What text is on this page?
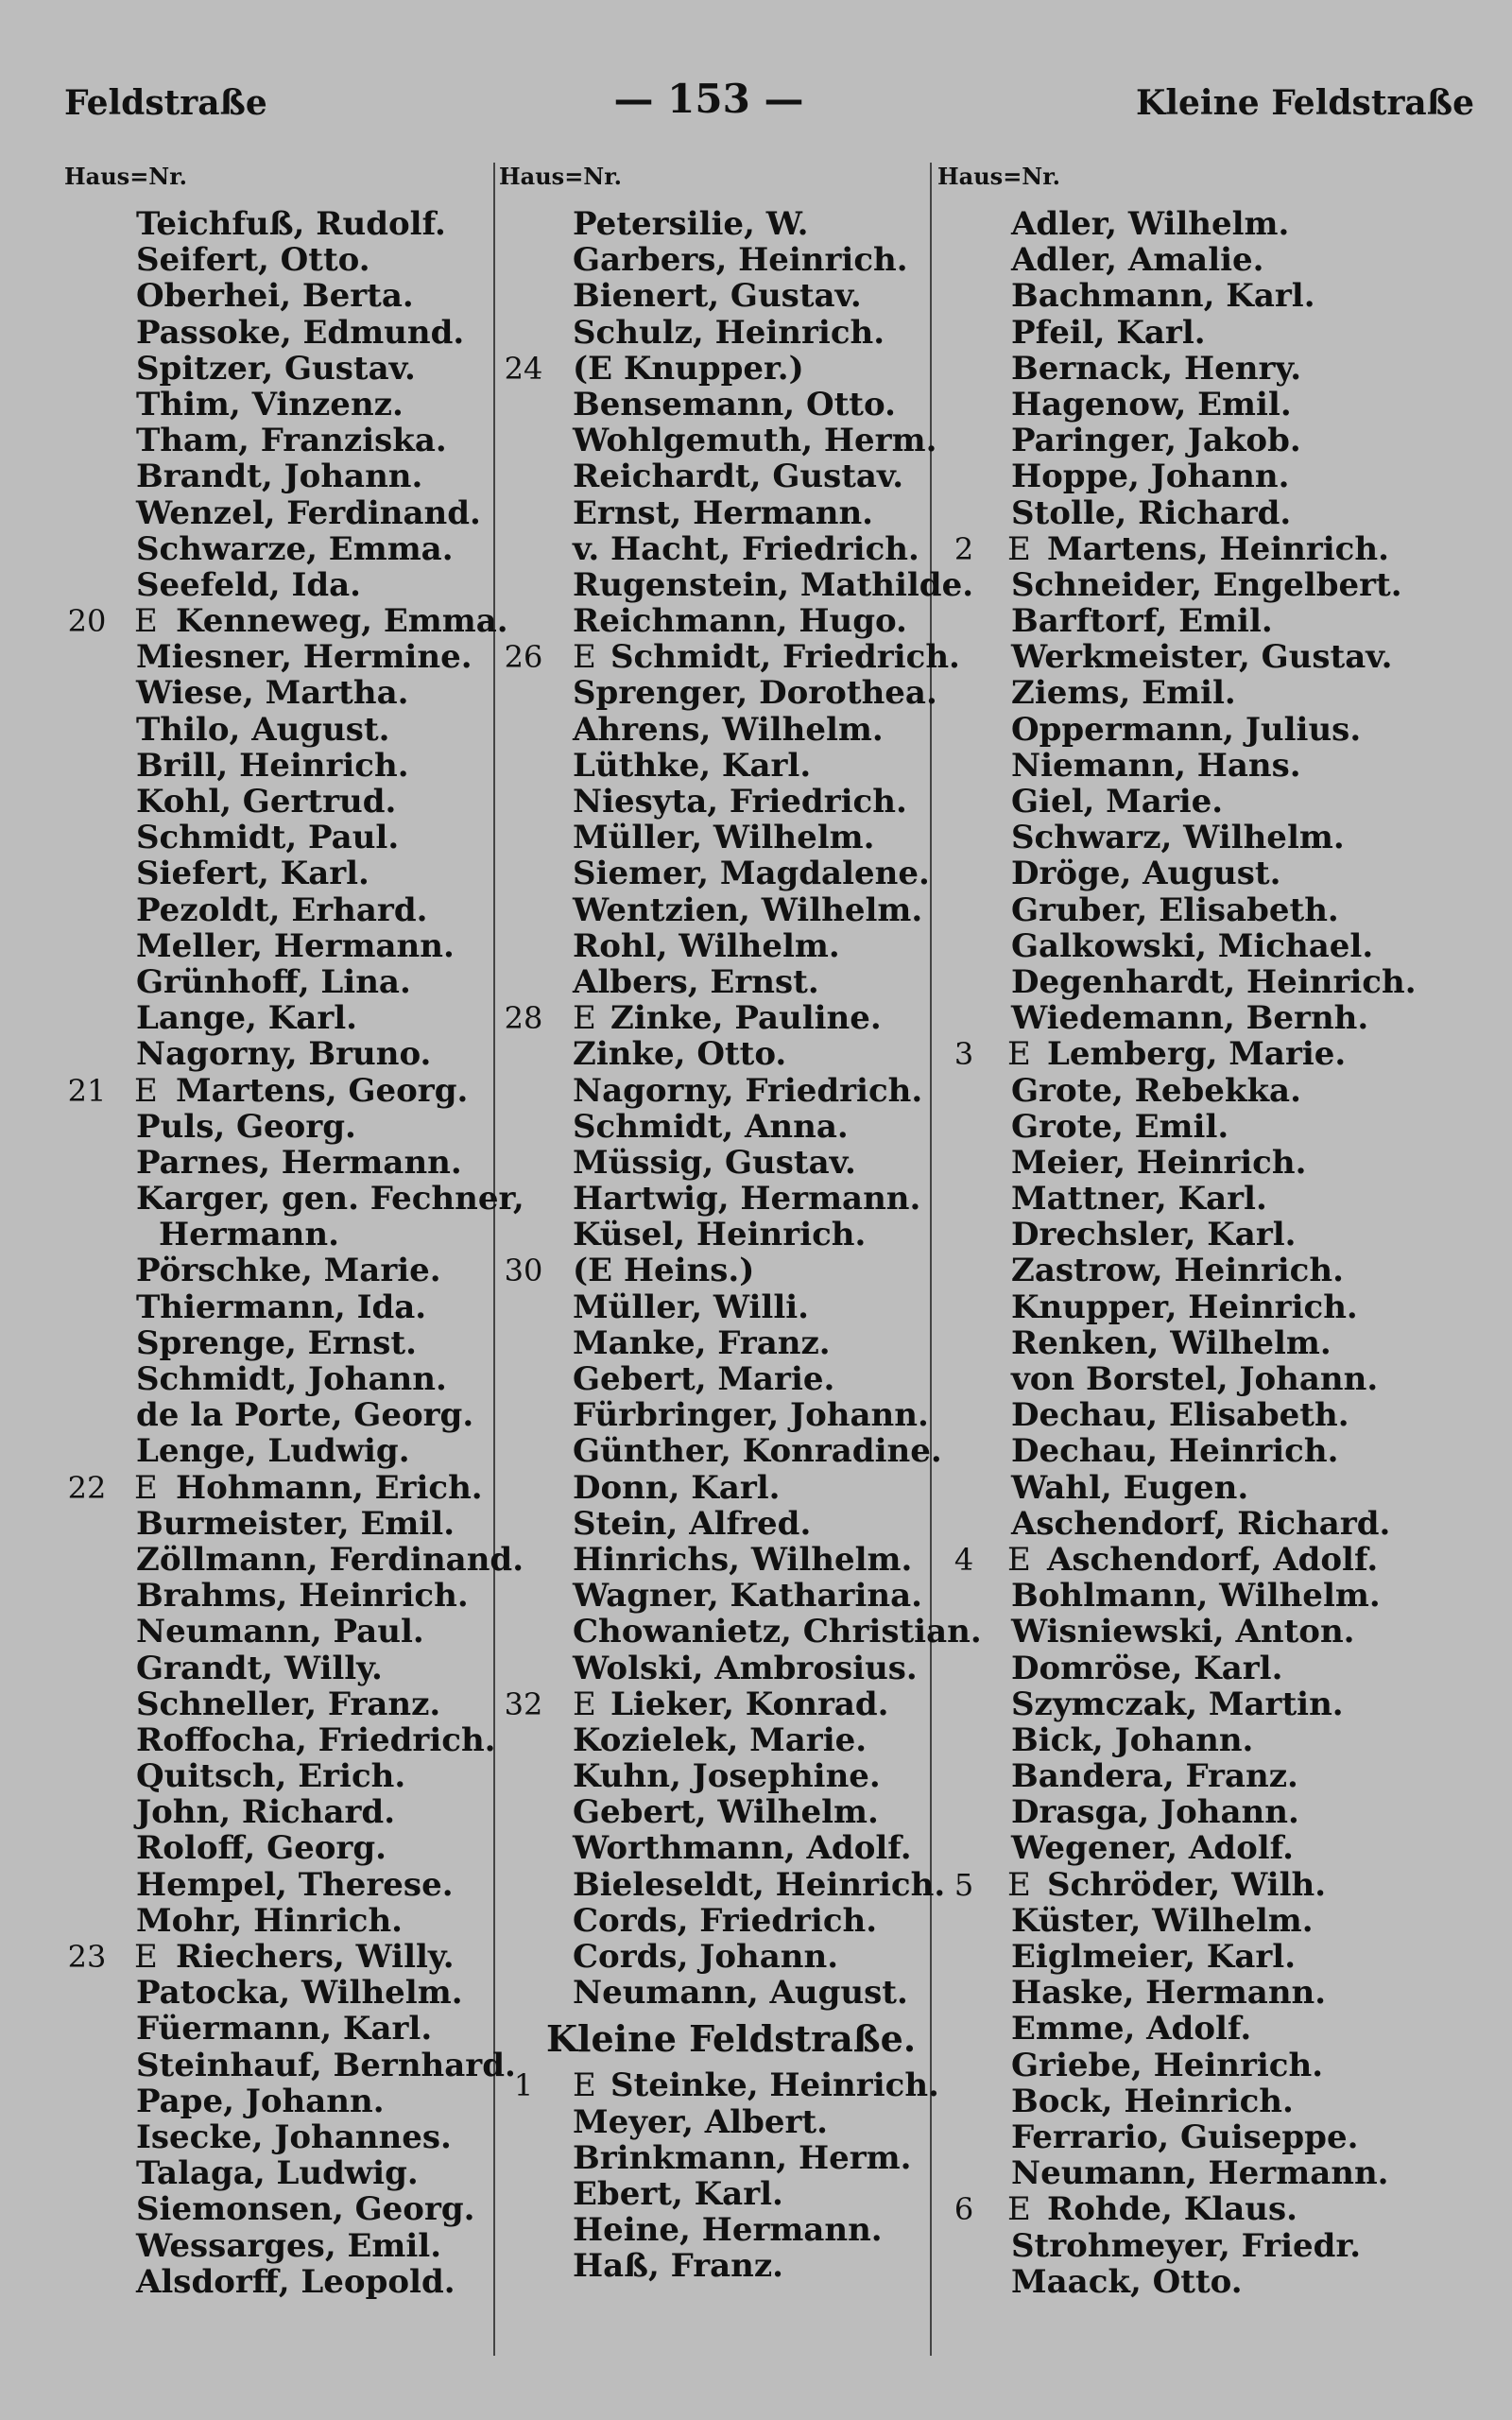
Feldstraße	— 153 —	Kleine Feldstraße
Haus=Nr.	Haus=Nr.	Haus=Nr.
Teichfuß, Rudolf.
Seifert, Otto.
Oberhei, Berta.
Passoke, Edmund.
Spitzer, Gustav.
Thim, Vinzenz.
Tham, Franziska.
Brandt, Johann.
Wenzel, Ferdinand.
Schwarze, Emma.
Seefeld, Ida.
20 E Kenneweg, Emma.
Miesner, Hermine.
Wiese, Martha.
Thilo, August.
Brill, Heinrich.
Kohl, Gertrud.
Schmidt, Paul.
Siefert, Karl.
Pezoldt, Erhard.
Meller, Hermann.
Grünhoff, Lina.
Lange, Karl.
Nagorny, Bruno.
21 E Martens, Georg.
Puls, Georg.
Parnes, Hermann.
Karger, gen. Fechner,
Hermann.
Pörschke, Marie.
Thiermann, Ida.
Sprenge, Ernst.
Schmidt, Johann.
de la Porte, Georg.
Lenge, Ludwig.
22 E Hohmann, Erich.
Burmeister, Emil.
Zöllmann, Ferdinand.
Brahms, Heinrich.
Neumann, Paul.
Grandt, Willy.
Schneller, Franz.
Roffocha, Friedrich.
Quitsch, Erich.
John, Richard.
Roloff, Georg.
Hempel, Therese.
Mohr, Hinrich.
23 E Riechers, Willy.
Patocka, Wilhelm.
Füermann, Karl.
Steinhauf, Bernhard.
Pape, Johann.
Isecke, Johannes.
Talaga, Ludwig.
Siemonsen, Georg.
Wessarges, Emil.
Alsdorff, Leopold.
Petersilie, W.
Garbers, Heinrich.
Bienert, Gustav.
Schulz, Heinrich.
24 (E Knupper.)
Bensemann, Otto.
Wohlgemuth, Herm.
Reichardt, Gustav.
Ernst, Hermann.
v. Hacht, Friedrich.
Rugenstein, Mathilde.
Reichmann, Hugo.
26 E Schmidt, Friedrich.
Sprenger, Dorothea.
Ahrens, Wilhelm.
Lüthke, Karl.
Niesyta, Friedrich.
Müller, Wilhelm.
Siemer, Magdalene.
Wentzien, Wilhelm.
Rohl, Wilhelm.
Albers, Ernst.
28 E Zinke, Pauline.
Zinke, Otto.
Nagorny, Friedrich.
Schmidt, Anna.
Müssig, Gustav.
Hartwig, Hermann.
Küsel, Heinrich.
30 (E Heins.)
Müller, Willi.
Manke, Franz.
Gebert, Marie.
Fürbringer, Johann.
Günther, Konradine.
Donn, Karl.
Stein, Alfred.
Hinrichs, Wilhelm.
Wagner, Katharina.
Chowanietz, Christian.
Wolski, Ambrosius.
32 E Lieker, Konrad.
Kozielek, Marie.
Kuhn, Josephine.
Gebert, Wilhelm.
Worthmann, Adolf.
Bieleseldt, Heinrich.
Cords, Friedrich.
Cords, Johann.
Neumann, August.
Kleine Feldstraße.
1	E Steinke, Heinrich.
Meyer, Albert.
Brinkmann, Herm.
Ebert, Karl.
Heine, Hermann.
Haß, Franz.
Adler, Wilhelm.
Adler, Amalie.
Bachmann, Karl.
Pfeil, Karl.
Bernack, Henry.
Hagenow, Emil.
Paringer, Jakob.
Hoppe, Johann.
Stolle, Richard.
2	E Martens, Heinrich.
Schneider, Engelbert.
Barftorf, Emil.
Werkmeister, Gustav.
Ziems, Emil.
Oppermann, Julius.
Niemann, Hans.
Giel, Marie.
Schwarz, Wilhelm.
Dröge, August.
Gruber, Elisabeth.
Galkowski, Michael.
Degenhardt, Heinrich.
Wiedemann, Bernh.
3	E Lemberg, Marie.
Grote, Rebekka.
Grote, Emil.
Meier, Heinrich.
Mattner, Karl.
Drechsler, Karl.
Zastrow, Heinrich.
Knupper, Heinrich.
Renken, Wilhelm.
von Borstel, Johann.
Dechau, Elisabeth.
Dechau, Heinrich.
Wahl, Eugen.
Aschendorf, Richard.
4	E Aschendorf, Adolf.
Bohlmann, Wilhelm.
Wisniewski, Anton.
Domröse, Karl.
Szymczak, Martin.
Bick, Johann.
Bandera, Franz.
Drasga, Johann.
Wegener, Adolf.
5	E Schröder, Wilh.
Küster, Wilhelm.
Eiglmeier, Karl.
Haske, Hermann.
Emme, Adolf.
Griebe, Heinrich.
Bock, Heinrich.
Ferrario, Guiseppe.
Neumann, Hermann.
6	E Rohde, Klaus.
Strohmeyer, Friedr.
Maack, Otto.
